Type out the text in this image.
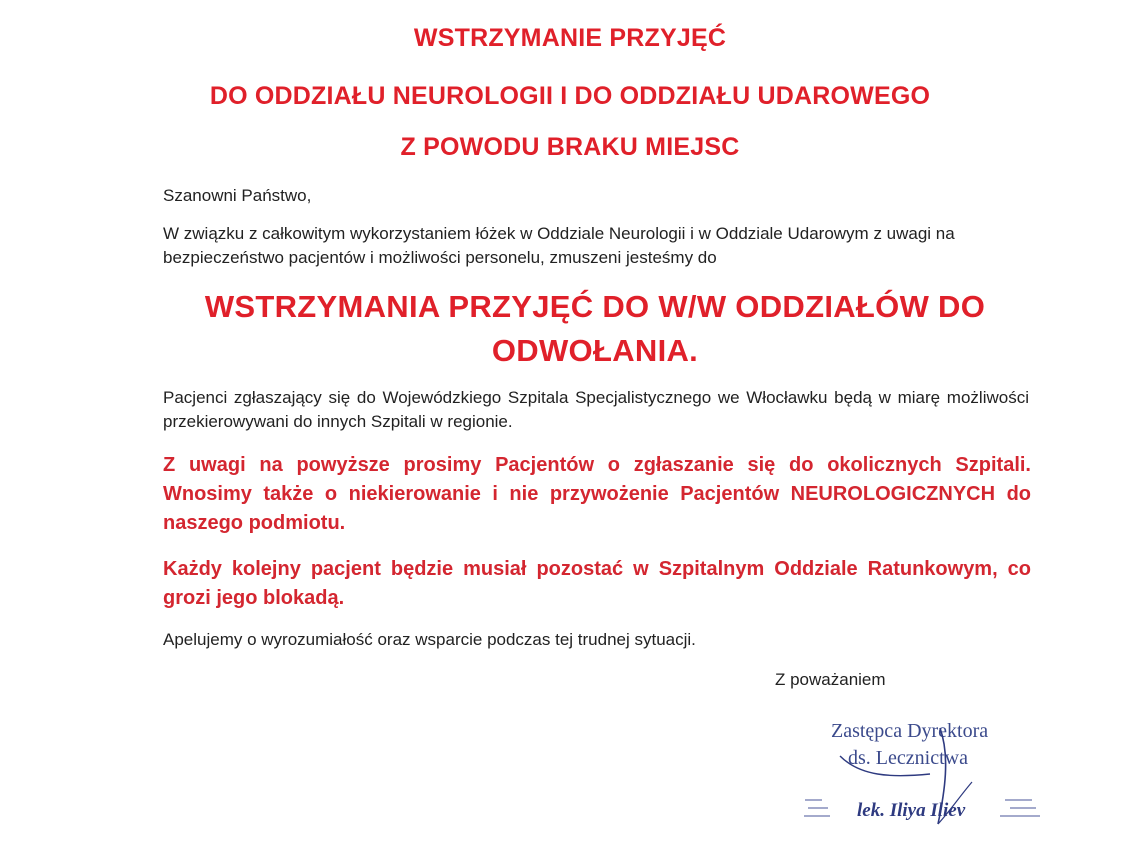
WSTRZYMANIE PRZYJĘĆ
DO ODDZIAŁU NEUROLOGII I DO ODDZIAŁU UDAROWEGO
Z POWODU BRAKU MIEJSC

Szanowni Państwo,

W związku z całkowitym wykorzystaniem łóżek w Oddziale Neurologii i w Oddziale Udarowym z uwagi na bezpieczeństwo pacjentów i możliwości personelu, zmuszeni jesteśmy do

WSTRZYMANIA PRZYJĘĆ DO W/W ODDZIAŁÓW DO

ODWOŁANIA.

Pacjenci zgłaszający się do Wojewódzkiego Szpitala Specjalistycznego we Włocławku będą w miarę możliwości przekierowywani do innych Szpitali w regionie.

Z uwagi na powyższe prosimy Pacjentów o zgłaszanie się do okolicznych Szpitali. Wnosimy także o niekierowanie i nie przywożenie Pacjentów NEUROLOGICZNYCH do naszego podmiotu.

Każdy kolejny pacjent będzie musiał pozostać w Szpitalnym Oddziale Ratunkowym, co grozi jego blokadą.

Apelujemy o wyrozumiałość oraz wsparcie podczas tej trudnej sytuacji.

Z poważaniem

Zastępca Dyrektora
ds. Lecznictwa
lek. Iliya Iliev
